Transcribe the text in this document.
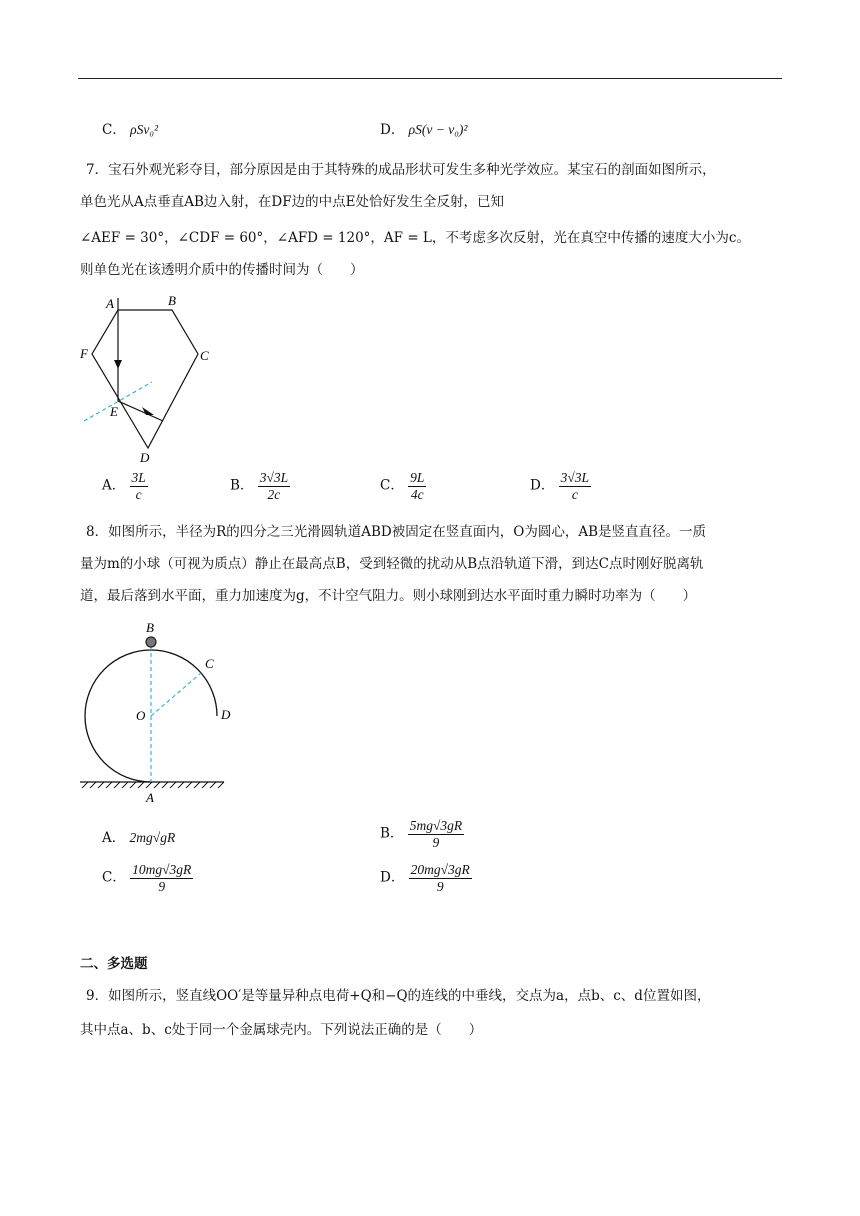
C． ρSv₀²	D． ρS(v − v₀)²
7．宝石外观光彩夺目，部分原因是由于其特殊的成品形状可发生多种光学效应。某宝石的剖面如图所示，
单色光从A点垂直AB边入射，在DF边的中点E处恰好发生全反射，已知
∠AEF = 30°，∠CDF = 60°，∠AFD = 120°，AF = L，不考虑多次反射，光在真空中传播的速度大小为c。
则单色光在该透明介质中的传播时间为（　　）
A	B
C
D
E
F
A． $\frac{3L}{c}$	B． $\frac{3√3L}{2c}$	C． $\frac{9L}{4c}$	D． $\frac{3√3L}{c}$
8．如图所示，半径为R的四分之三光滑圆轨道ABD被固定在竖直面内，O为圆心，AB是竖直直径。一质
量为m的小球（可视为质点）静止在最高点B，受到轻微的扰动从B点沿轨道下滑，到达C点时刚好脱离轨
道，最后落到水平面，重力加速度为g，不计空气阻力。则小球刚到达水平面时重力瞬时功率为（　　）
B
C
D
O
A
A． 2mg√gR	B． $\frac{5mg√3gR}{9}$
C． $\frac{10mg√3gR}{9}$	D． $\frac{20mg√3gR}{9}$
二、多选题
9．如图所示，竖直线OO′是等量异种点电荷+Q和−Q的连线的中垂线，交点为a，点b、c、d位置如图，
其中点a、b、c处于同一个金属球壳内。下列说法正确的是（　　）
